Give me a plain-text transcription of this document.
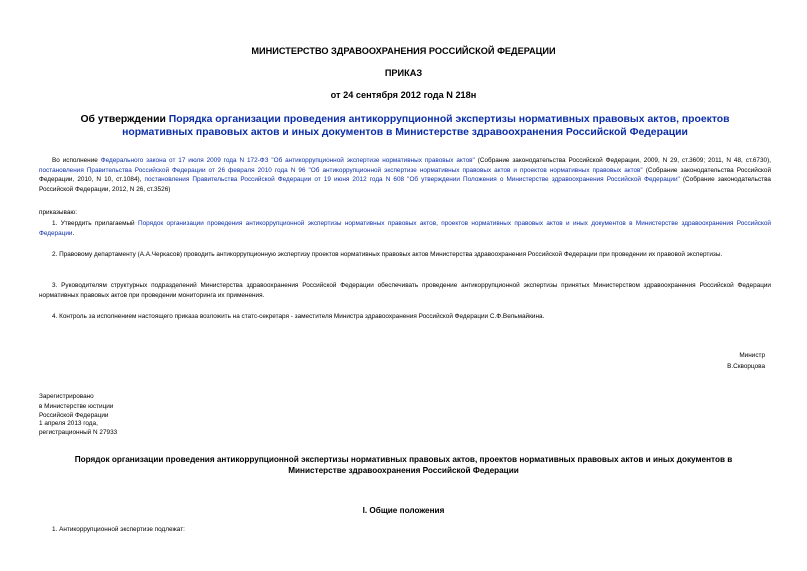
МИНИСТЕРСТВО ЗДРАВООХРАНЕНИЯ РОССИЙСКОЙ ФЕДЕРАЦИИ
ПРИКАЗ
от 24 сентября 2012 года N 218н
Об утверждении Порядка организации проведения антикоррупционной экспертизы нормативных правовых актов, проектов нормативных правовых актов и иных документов в Министерстве здравоохранения Российской Федерации
Во исполнение Федерального закона от 17 июля 2009 года N 172-ФЗ "Об антикоррупционной экспертизе нормативных правовых актов" (Собрание законодательства Российской Федерации, 2009, N 29, ст.3609; 2011, N 48, ст.6730), постановления Правительства Российской Федерации от 26 февраля 2010 года N 96 "Об антикоррупционной экспертизе нормативных правовых актов и проектов нормативных правовых актов" (Собрание законодательства Российской Федерации, 2010, N 10, ст.1084), постановления Правительства Российской Федерации от 19 июня 2012 года N 608 "Об утверждении Положения о Министерстве здравоохранения Российской Федерации" (Собрание законодательства Российской Федерации, 2012, N 26, ст.3526)
приказываю:
1. Утвердить прилагаемый Порядок организации проведения антикоррупционной экспертизы нормативных правовых актов, проектов нормативных правовых актов и иных документов в Министерстве здравоохранения Российской Федерации.
2. Правовому департаменту (А.А.Черкасов) проводить антикоррупционную экспертизу проектов нормативных правовых актов Министерства здравоохранения Российской Федерации при проведении их правовой экспертизы.
3. Руководителям структурных подразделений Министерства здравоохранения Российской Федерации обеспечивать проведение антикоррупционной экспертизы принятых Министерством здравоохранения Российской Федерации нормативных правовых актов при проведении мониторинга их применения.
4. Контроль за исполнением настоящего приказа возложить на статс-секретаря - заместителя Министра здравоохранения Российской Федерации С.Ф.Вельмайкина.
Министр
В.Скворцова
Зарегистрировано
в Министерстве юстиции
Российской Федерации
1 апреля 2013 года,
регистрационный N 27933
Порядок организации проведения антикоррупционной экспертизы нормативных правовых актов, проектов нормативных правовых актов и иных документов в
Министерстве здравоохранения Российской Федерации
I. Общие положения
1. Антикоррупционной экспертизе подлежат:
